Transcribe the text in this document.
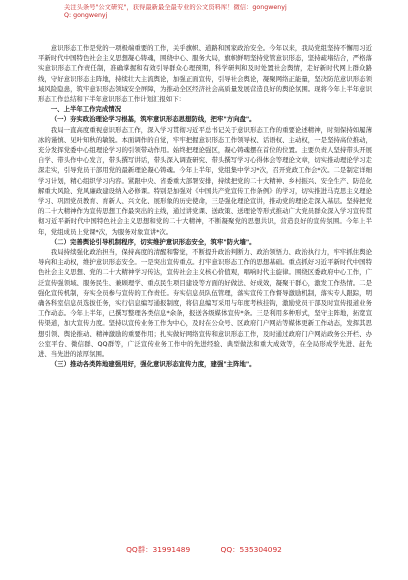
关注头条号"公文研究"，获得最新最全最专业的公文资料库！微信：gongwenyj
Q: gongwenyj

意识形态工作是党的一项极端重要的工作，关乎旗帜、道路和国家政治安全。今年以来，我局党组坚持不懈用习近平新时代中国特色社会主义思想凝心铸魂，围绕中心、服务大局，旗帜鲜明坚持党管意识形态，坚持疏堵结合，严格落实意识形态工作责任制，准确掌握和有效引导群众心理预期，科学研判和及时处置社会舆情，走好新时代网上群众路线，守好意识形态主阵地，持续壮大主流舆论，加强正面宣传，引导社会舆论，凝聚网络正能量，坚决防范意识形态领域风险隐患，筑牢意识形态领域安全屏障，为推动全区经济社会高质量发展营造良好的舆论氛围。现将今年上半年意识形态工作总结和下半年意识形态工作计划汇报如下：

一、上半年工作完成情况

（一）夯实政治理论学习根基，筑牢意识形态思想防线，把牢"方向盘"。

我局一直高度重视意识形态工作，深入学习贯彻习近平总书记关于意识形态工作的重要论述精神，时刻保持如履薄冰的谨慎、见叶知秋的敏锐。本面调作的自觉，牢牢把握意识形态工作领导权、话语权、主动权，一是坚持高位推动，充分发挥党委中心组理论学习的引领带动作用。始终把理论强区，凝心铸魂摆在首位的位置。主要负责人坚持带头开展自学、带头作中心发言，带头撰写讲话，带头深入调查研究、带头撰写学习心得体会等理论文章，切实推动理论学习走深走实，引导党员干部用党的最新理论凝心铸魂。今年上半年，党组集中学习*次，召开党政工作会*次。二是制定详细学习计划，精心组织学习内容。紧跟中央、省委重大部署安排，持续把党的二十大精神、乡村振兴、安全生产、防范化解重大风险、党风廉政建设纳入必修课。特别是加强对《中国共产党宣传工作条例》的学习，切实推进马克思主义理论学习、巩固党员教育、育新人、兴文化、展形象的历史使命，三是强化理论宣讲，推动党的理论走深入基层。坚持把党的二十大精神作为宣传思想工作最突出的主线，通过讲党课、送政策、送理论等形式推动广大党员群众深入学习宣传贯彻习近平新时代中国特色社会主义思想和党的二十大精神，不断凝聚党的思想共识，营造良好的宣传氛围。今年上半年，党组成员上党课*次，为服务对象宣讲*次。

（二）完善舆论引导机制程序，切实维护意识形态安全，筑牢"防火墙"。

我局持续强化政治担当，保持高度的清醒和警觉，不断提升政治判断力、政治领悟力、政治执行力，牢牢抓住舆论导向和主动权，维护意识形态安全。一是突出宣传重点。打牢意识形态工作的思想基础。重点抓好习近平新时代中国特色社会主义思想、党的二十大精神学习传达，宣传社会主义核心价值观，唱响时代主旋律。围绕区委政府中心工作，广泛宣传强领域、服务民生、兼顾理学、重点民生项目建设等方面的好做法、好成效，凝聚干群心，激发工作热情。二是强化宣传机制，夯实全员参与宣传的工作责任。夯实信息员队伍管理，落实宣传工作督导激励机制，落实专人跟踪，明确各科室信息员选拔任务，实行信息编写通报制度，将信息编写采用与年度考核挂钩，激励党员干部及时宣传报道业务工作动态。今年上半年，已撰写整理各类信息*余条，报送各级媒体宣传*条。三是利用多种形式，坚守主阵地，拓宽宣传渠道，加大宣传力度。坚持以宣传业务工作为中心，及时在公众号、区政府门户网站等媒体更新工作动态，发挥其思想引领、舆论推动、精神激励的重要作用；扎实做好网络宣传和意识形态工作，及时通过政府门户网站政务公开栏、办公室平台、微信群、QQ群等，广泛宣传业务工作中的先进经验、典型做法和重大成效等，在全局形成学先进、赶先进、当先进的浓厚氛围。

（三）推动各类阵地建强用好，强化意识形态宣传力度，建强"主阵地"。

QQ群：31991489	QQ：535304092
